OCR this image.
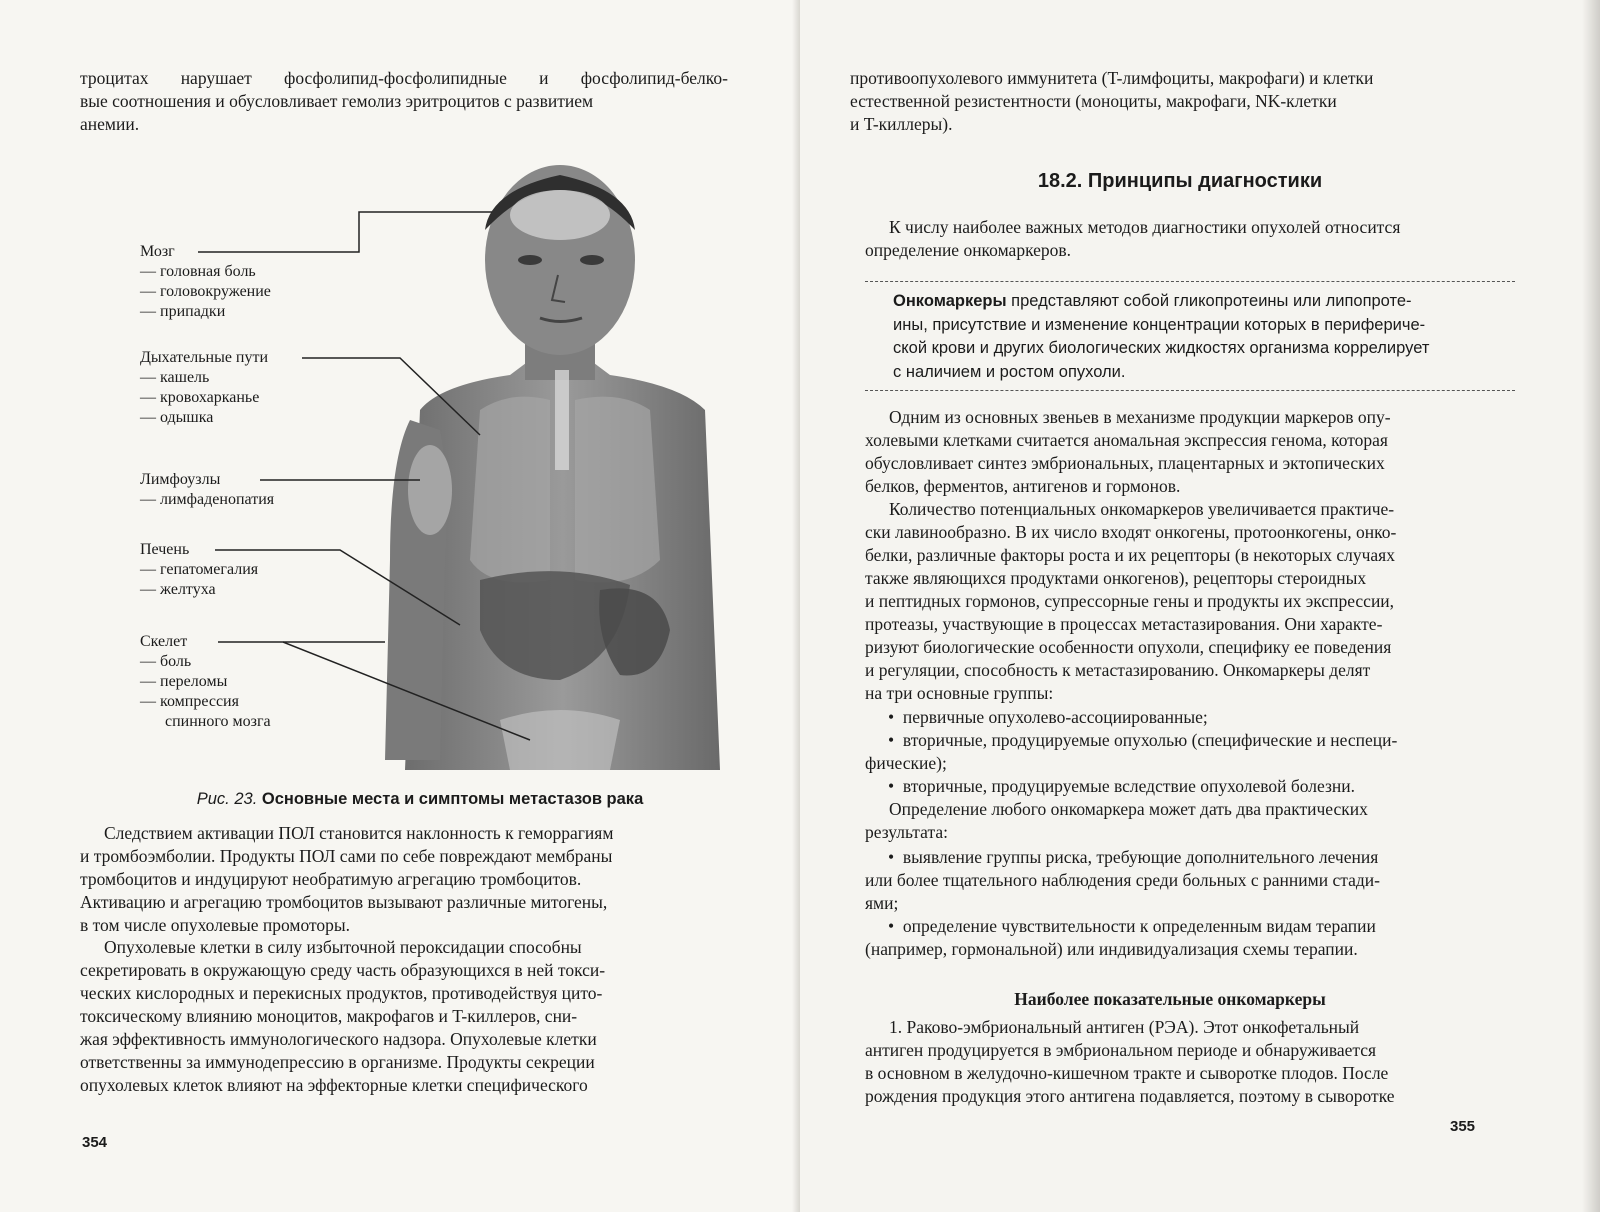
троцитах нарушает фосфолипид-фосфолипидные и фосфолипид-белко-
вые соотношения и обусловливает гемолиз эритроцитов с развитием
анемии.

Мозг
— головная боль
— головокружение
— припадки
Дыхательные пути
— кашель
— кровохарканье
— одышка
Лимфоузлы
— лимфаденопатия
Печень
— гепатомегалия
— желтуха
Скелет
— боль
— переломы
— компрессия
спинного мозга
Рис. 23. Основные места и симптомы метастазов рака

Следствием активации ПОЛ становится наклонность к геморрагиям
и тромбоэмболии. Продукты ПОЛ сами по себе повреждают мембраны
тромбоцитов и индуцируют необратимую агрегацию тромбоцитов.
Активацию и агрегацию тромбоцитов вызывают различные митогены,
в том числе опухолевые промоторы.

Опухолевые клетки в силу избыточной пероксидации способны
секретировать в окружающую среду часть образующихся в ней токси-
ческих кислородных и перекисных продуктов, противодействуя цито-
токсическому влиянию моноцитов, макрофагов и T-киллеров, сни-
жая эффективность иммунологического надзора. Опухолевые клетки
ответственны за иммунодепрессию в организме. Продукты секреции
опухолевых клеток влияют на эффекторные клетки специфического

354

противоопухолевого иммунитета (T-лимфоциты, макрофаги) и клетки
естественной резистентности (моноциты, макрофаги, NK-клетки
и T-киллеры).

18.2. Принципы диагностики

К числу наиболее важных методов диагностики опухолей относится
определение онкомаркеров.

Онкомаркеры представляют собой гликопротеины или липопроте-
ины, присутствие и изменение концентрации которых в перифериче-
ской крови и других биологических жидкостях организма коррелирует
с наличием и ростом опухоли.

Одним из основных звеньев в механизме продукции маркеров опу-
холевыми клетками считается аномальная экспрессия генома, которая
обусловливает синтез эмбриональных, плацентарных и эктопических
белков, ферментов, антигенов и гормонов.

Количество потенциальных онкомаркеров увеличивается практиче-
ски лавинообразно. В их число входят онкогены, протоонкогены, онко-
белки, различные факторы роста и их рецепторы (в некоторых случаях
также являющихся продуктами онкогенов), рецепторы стероидных
и пептидных гормонов, супрессорные гены и продукты их экспрессии,
протеазы, участвующие в процессах метастазирования. Они характе-
ризуют биологические особенности опухоли, специфику ее поведения
и регуляции, способность к метастазированию. Онкомаркеры делят
на три основные группы:

• первичные опухолево-ассоциированные;
• вторичные, продуцируемые опухолью (специфические и неспеци-
фические);
• вторичные, продуцируемые вследствие опухолевой болезни.

Определение любого онкомаркера может дать два практических
результата:

• выявление группы риска, требующие дополнительного лечения
или более тщательного наблюдения среди больных с ранними стади-
ями;
• определение чувствительности к определенным видам терапии
(например, гормональной) или индивидуализация схемы терапии.
Наиболее показательные онкомаркеры

1. Раково-эмбриональный антиген (РЭА). Этот онкофетальный
антиген продуцируется в эмбриональном периоде и обнаруживается
в основном в желудочно-кишечном тракте и сыворотке плодов. После
рождения продукция этого антигена подавляется, поэтому в сыворотке

355
